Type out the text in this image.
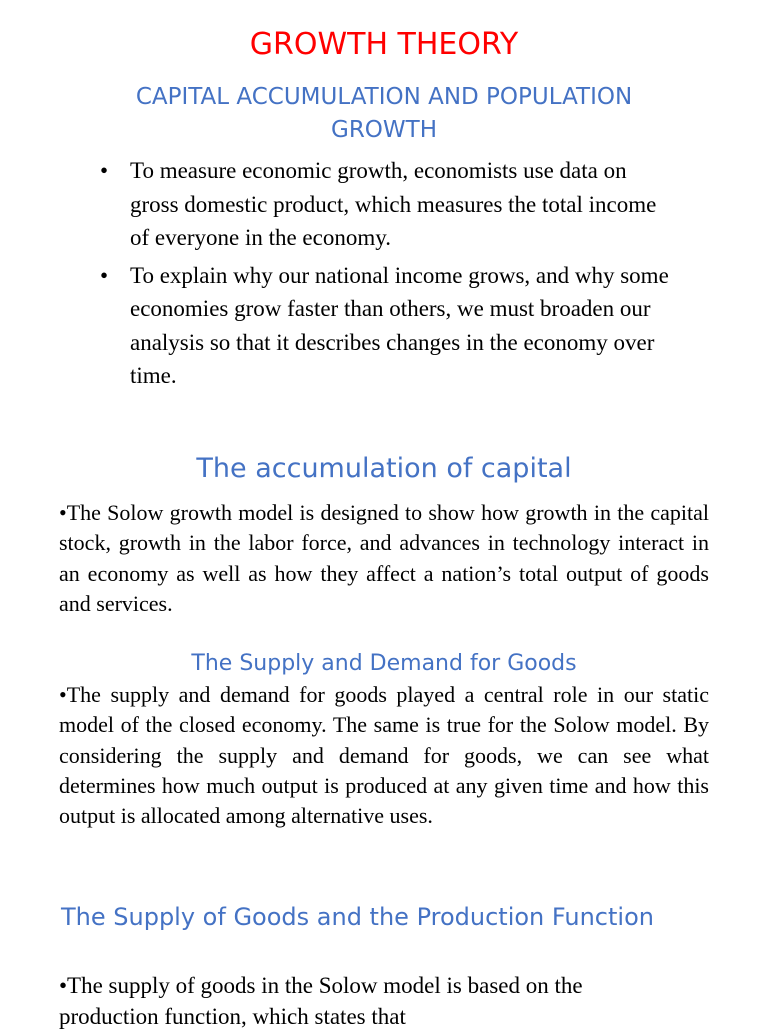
GROWTH THEORY
CAPITAL ACCUMULATION AND POPULATION GROWTH
• To measure economic growth, economists use data on gross domestic product, which measures the total income of everyone in the economy.
• To explain why our national income grows, and why some economies grow faster than others, we must broaden our analysis so that it describes changes in the economy over time.
The accumulation of capital

•The Solow growth model is designed to show how growth in the capital stock, growth in the labor force, and advances in technology interact in an economy as well as how they affect a nation’s total output of goods and services.

The Supply and Demand for Goods

•The supply and demand for goods played a central role in our static model of the closed economy. The same is true for the Solow model. By considering the supply and demand for goods, we can see what determines how much output is produced at any given time and how this output is allocated among alternative uses.

The Supply of Goods and the Production Function

•The supply of goods in the Solow model is based on the production function, which states that
